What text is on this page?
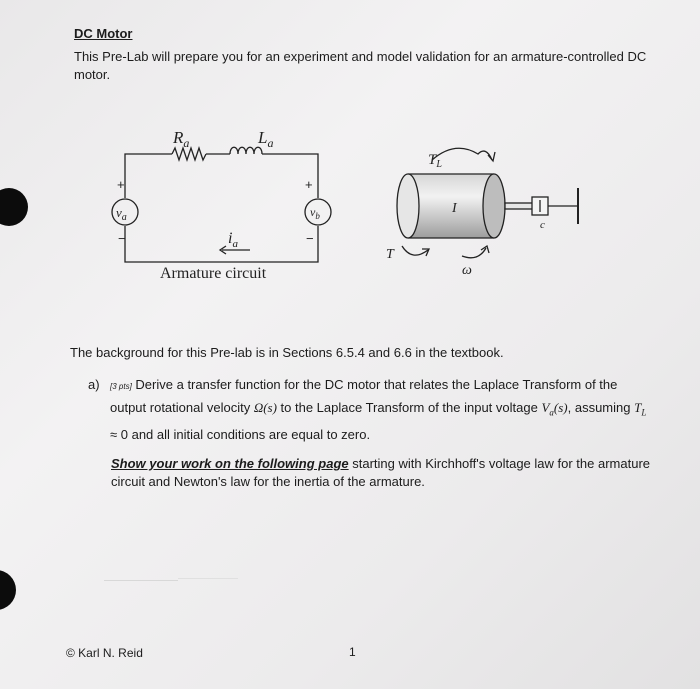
DC Motor
This Pre-Lab will prepare you for an experiment and model validation for an armature-controlled DC motor.
$R_a$	$L_a$
$v_a$	$v_b$
+	+
−	−
$i_a$
Armature circuit
$T_L$
I
T
ω
c
The background for this Pre-lab is in Sections 6.5.4 and 6.6 in the textbook.
a) [3 pts] Derive a transfer function for the DC motor that relates the Laplace Transform of the output rotational velocity Ω(s) to the Laplace Transform of the input voltage $V_a(s)$, assuming $T_L \approx 0$ and all initial conditions are equal to zero.
Show your work on the following page starting with Kirchhoff's voltage law for the armature circuit and Newton's law for the inertia of the armature.
© Karl N. Reid	1
